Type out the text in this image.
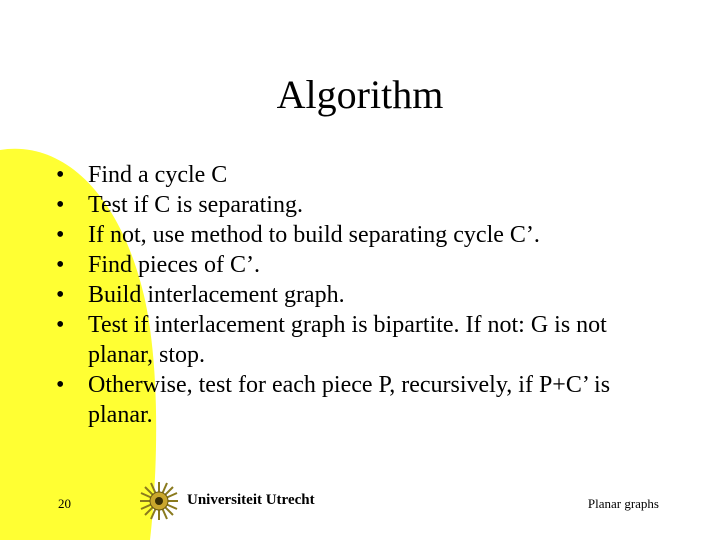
Algorithm
• Find a cycle C
• Test if C is separating.
• If not, use method to build separating cycle C’.
• Find pieces of C’.
• Build interlacement graph.
• Test if interlacement graph is bipartite. If not: G is not planar, stop.
• Otherwise, test for each piece P, recursively, if P+C’ is planar.
20	Universiteit Utrecht	Planar graphs
